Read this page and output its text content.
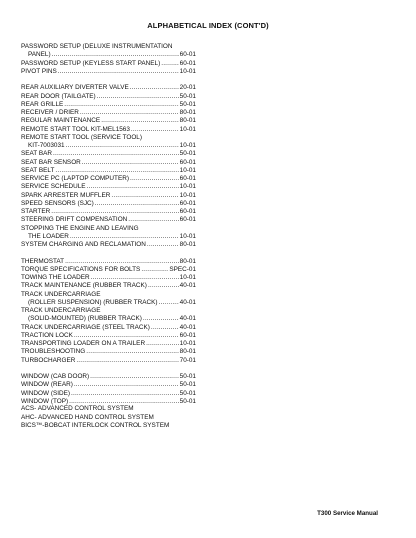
ALPHABETICAL INDEX (CONT'D)
PASSWORD SETUP (DELUXE INSTRUMENTATION
PANEL) .....	60-01
PASSWORD SETUP (KEYLESS START PANEL) .....	60-01
PIVOT PINS .....	10-01
REAR AUXILIARY DIVERTER VALVE .....	20-01
REAR DOOR (TAILGATE) .....	50-01
REAR GRILLE .....	50-01
RECEIVER / DRIER .....	80-01
REGULAR MAINTENANCE .....	80-01
REMOTE START TOOL KIT-MEL1563 .....	10-01
REMOTE START TOOL (SERVICE TOOL)
KIT-7003031 .....	10-01
SEAT BAR .....	50-01
SEAT BAR SENSOR .....	60-01
SEAT BELT .....	10-01
SERVICE PC (LAPTOP COMPUTER) .....	60-01
SERVICE SCHEDULE .....	10-01
SPARK ARRESTER MUFFLER .....	10-01
SPEED SENSORS (SJC) .....	60-01
STARTER .....	60-01
STEERING DRIFT COMPENSATION .....	60-01
STOPPING THE ENGINE AND LEAVING
THE LOADER .....	10-01
SYSTEM CHARGING AND RECLAMATION .....	80-01
THERMOSTAT .....	80-01
TORQUE SPECIFICATIONS FOR BOLTS .....	SPEC-01
TOWING THE LOADER .....	10-01
TRACK MAINTENANCE (RUBBER TRACK) .....	40-01
TRACK UNDERCARRIAGE
(ROLLER SUSPENSION) (RUBBER TRACK) .....	40-01
TRACK UNDERCARRIAGE
(SOLID-MOUNTED) (RUBBER TRACK) .....	40-01
TRACK UNDERCARRIAGE (STEEL TRACK) .....	40-01
TRACTION LOCK .....	60-01
TRANSPORTING LOADER ON A TRAILER .....	10-01
TROUBLESHOOTING .....	80-01
TURBOCHARGER .....	70-01
WINDOW (CAB DOOR) .....	50-01
WINDOW (REAR) .....	50-01
WINDOW (SIDE) .....	50-01
WINDOW (TOP) .....	50-01
ACS- ADVANCED CONTROL SYSTEM
AHC- ADVANCED HAND CONTROL SYSTEM
BICS™-BOBCAT INTERLOCK CONTROL SYSTEM
T300 Service Manual
